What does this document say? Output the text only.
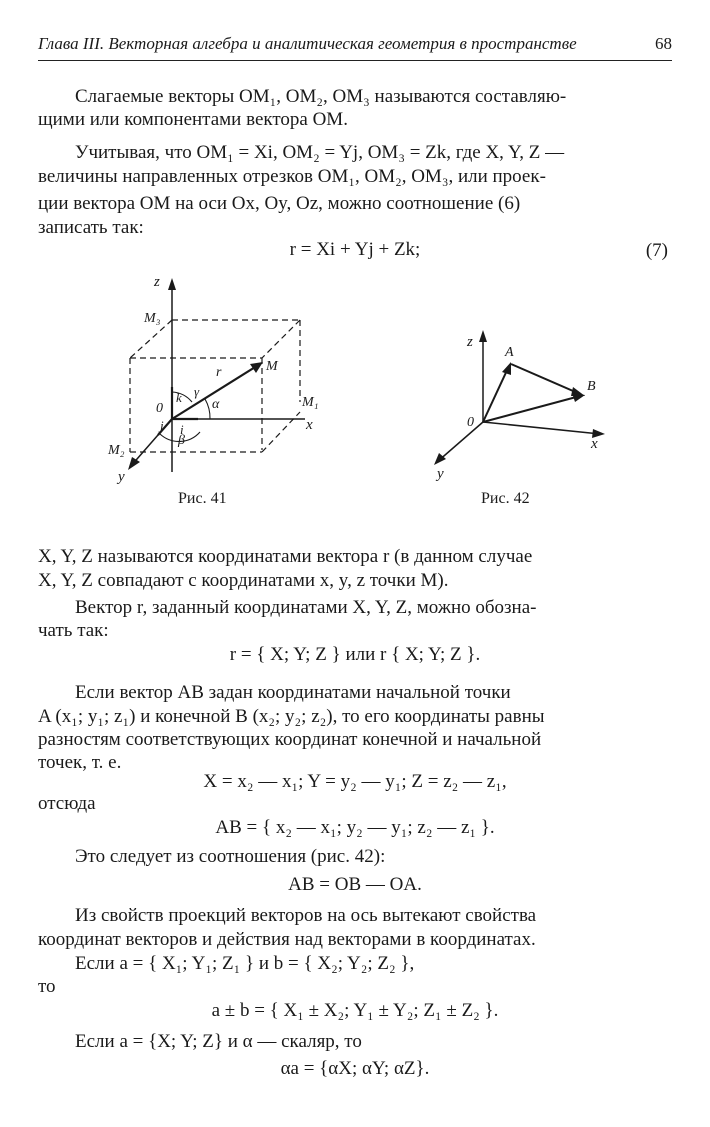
Глава III. Векторная алгебра и аналитическая геометрия в пространстве	68

Слагаемые векторы OM₁, OM₂, OM₃ называются составляю-

щими или компонентами вектора OM.

Учитывая, что OM₁ = Xi, OM₂ = Yj, OM₃ = Zk, где X, Y, Z —

величины направленных отрезков OM₁, OM₂, OM₃, или проек-

ции вектора OM на оси Ox, Oy, Oz, можно соотношение (6)

записать так:

r = Xi + Yj + Zk;	(7)
z
M₃
M
M₁
M₂
0
x
y
r
k
i
j
α
β
γ
Рис. 41
z
A
B
0
x
y
Рис. 42

X, Y, Z называются координатами вектора r (в данном случае

X, Y, Z совпадают с координатами x, y, z точки M).

Вектор r, заданный координатами X, Y, Z, можно обозна-

чать так:

r = { X; Y; Z } или r { X; Y; Z }.

Если вектор AB задан координатами начальной точки

A (x₁; y₁; z₁) и конечной B (x₂; y₂; z₂), то его координаты равны

разностям соответствующих координат конечной и начальной

точек, т. е.

X = x₂ — x₁; Y = y₂ — y₁; Z = z₂ — z₁,

отсюда

AB = { x₂ — x₁; y₂ — y₁; z₂ — z₁ }.

Это следует из соотношения (рис. 42):

AB = OB — OA.

Из свойств проекций векторов на ось вытекают свойства

координат векторов и действия над векторами в координатах.

Если a = { X₁; Y₁; Z₁ } и b = { X₂; Y₂; Z₂ },

то

a ± b = { X₁ ± X₂; Y₁ ± Y₂; Z₁ ± Z₂ }.

Если a = {X; Y; Z} и α — скаляр, то

αa = {αX; αY; αZ}.
